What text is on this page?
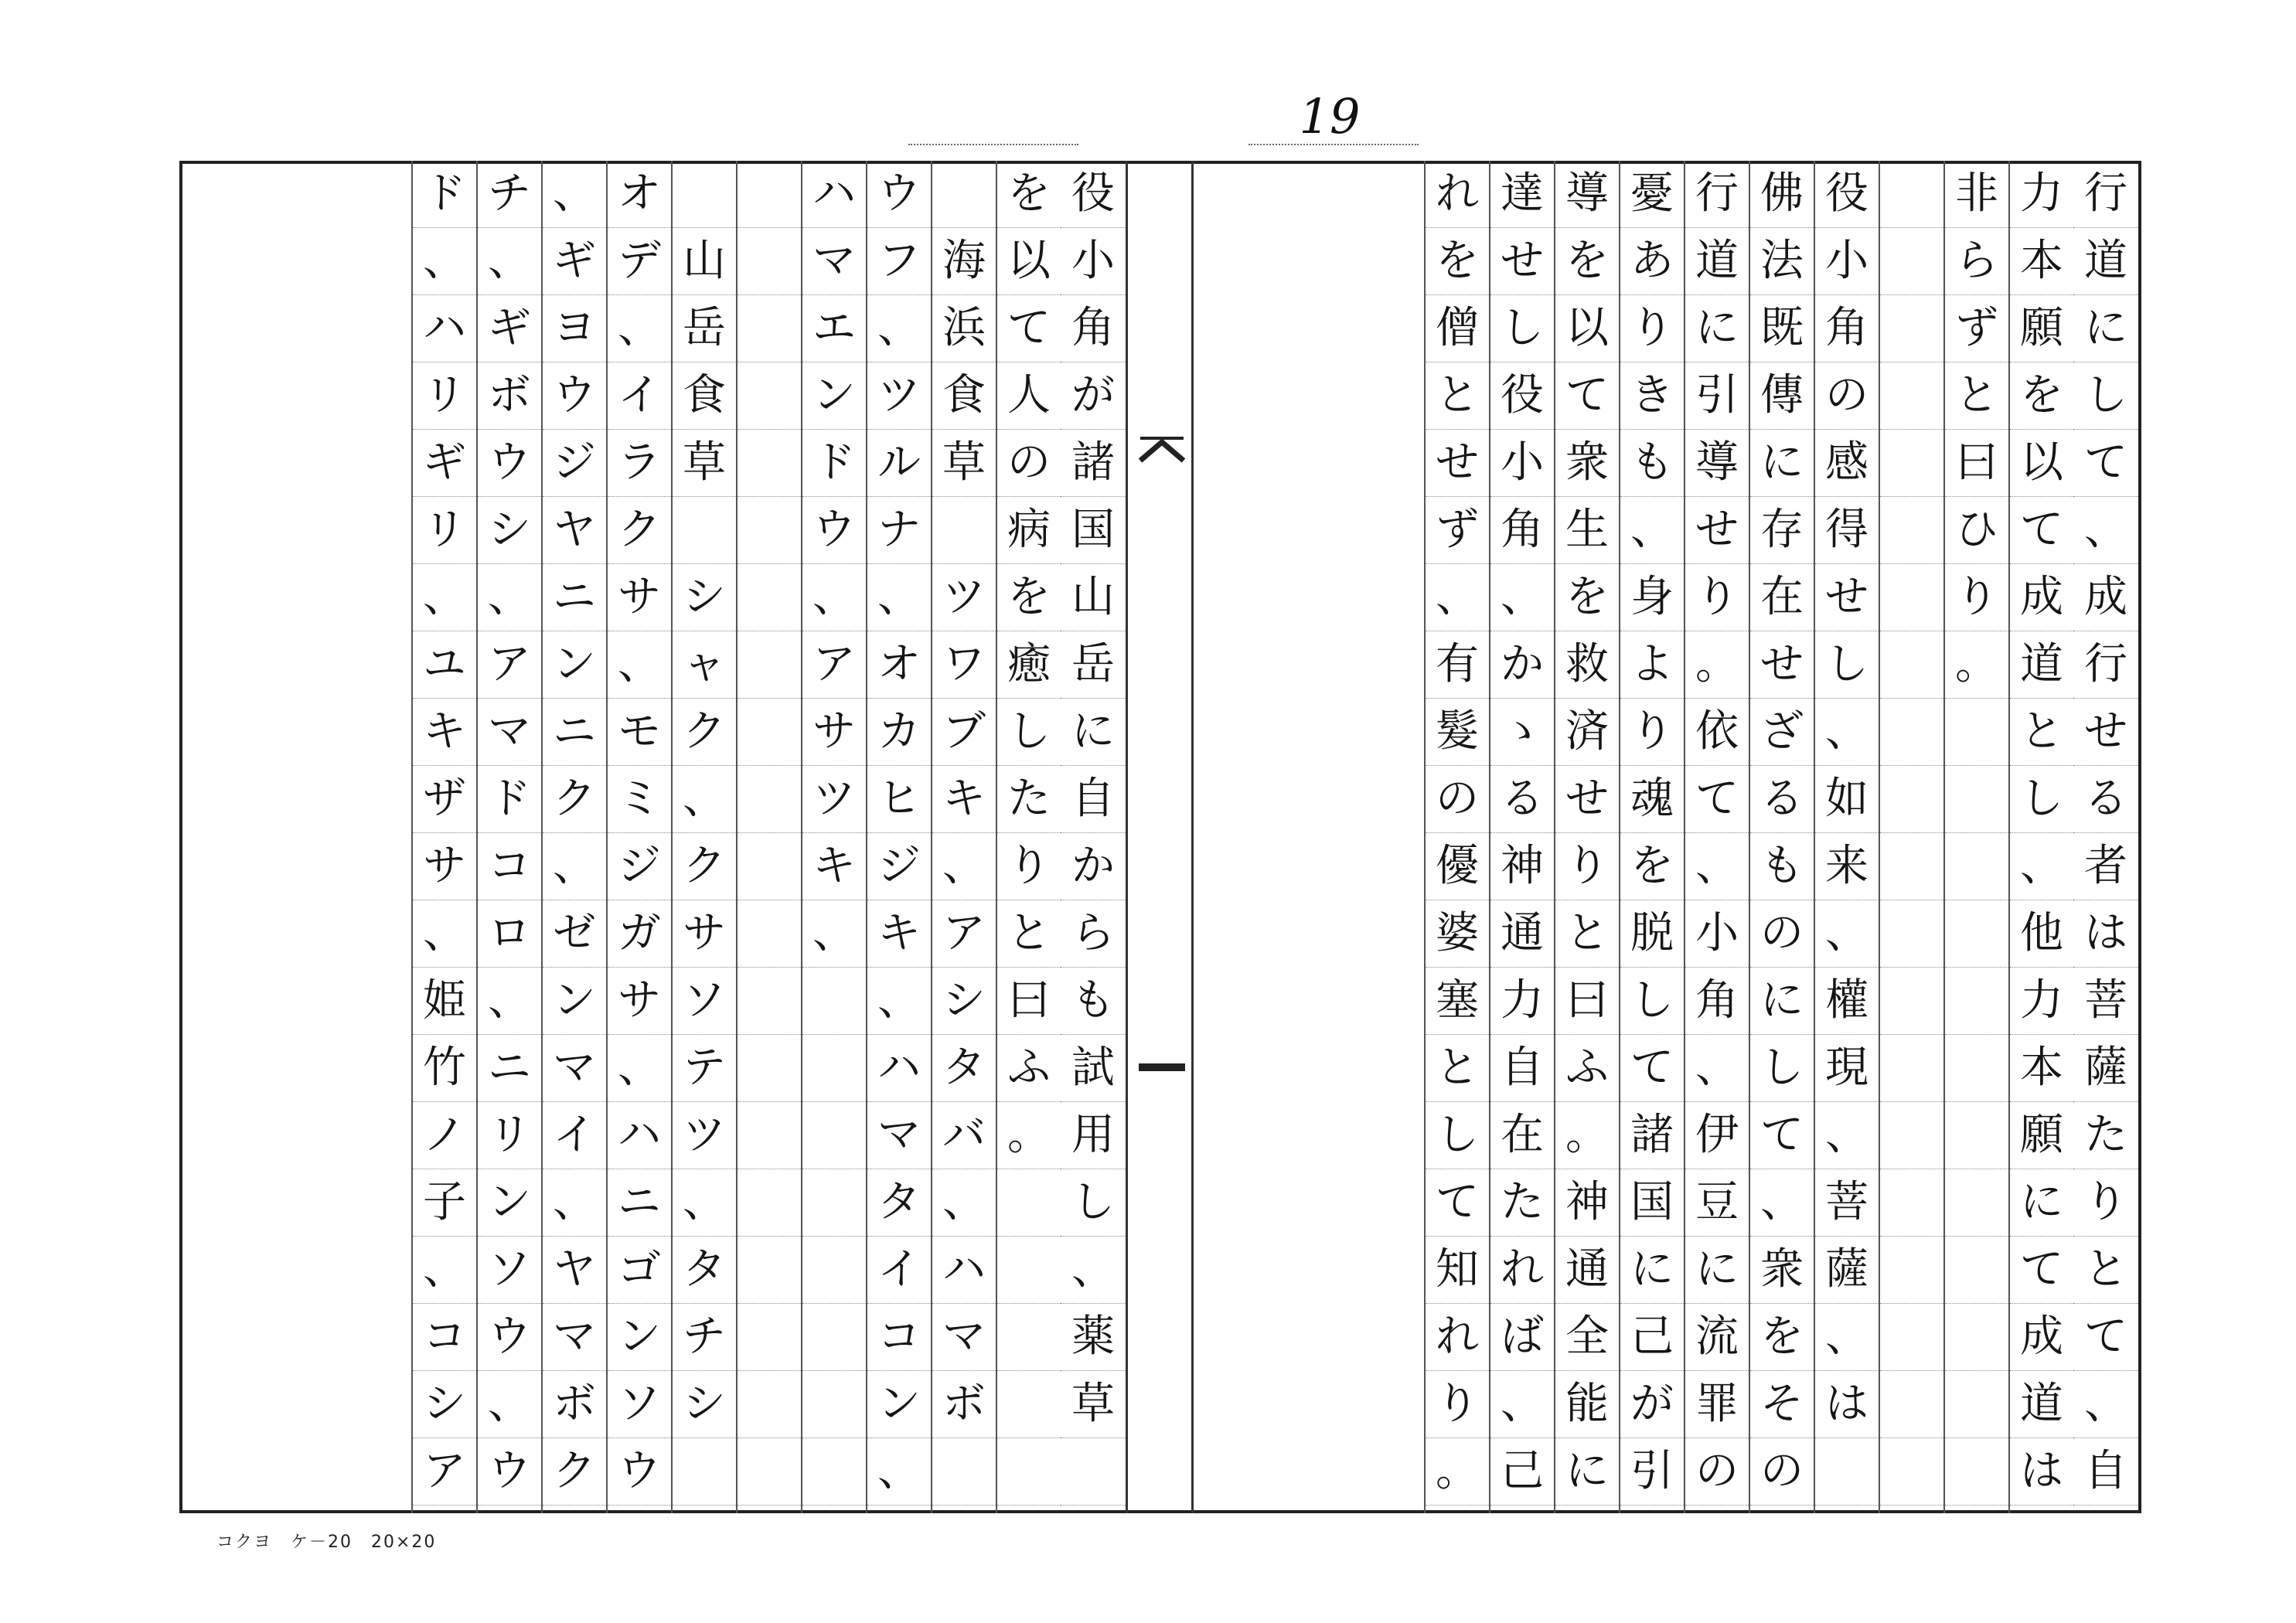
19
行
道
に
し
て
、
成
行
せ
る
者
は
菩
薩
た
り
と
て
、
自
力
本
願
を
以
て
成
道
と
し
、
他
力
本
願
に
て
成
道
は
非
ら
ず
と
曰
ひ
り
。
役
小
角
の
感
得
せ
し
、
如
来
、
權
現
、
菩
薩
、
は
佛
法
既
傳
に
存
在
せ
ざ
る
も
の
に
し
て
、
衆
を
そ
の
行
道
に
引
導
せ
り
。
依
て
、
小
角
、
伊
豆
に
流
罪
の
憂
あ
り
き
も
、
身
よ
り
魂
を
脱
し
て
諸
国
に
己
が
引
導
を
以
て
衆
生
を
救
済
せ
り
と
曰
ふ
。
神
通
全
能
に
達
せ
し
役
小
角
、
か
ゝ
る
神
通
力
自
在
た
れ
ば
、
己
れ
を
僧
と
せ
ず
、
有
髮
の
優
婆
塞
と
し
て
知
れ
り
。
役
小
角
が
諸
国
山
岳
に
自
か
ら
も
試
用
し
、
薬
草
を
以
て
人
の
病
を
癒
し
た
り
と
曰
ふ
。

海
浜
食
草

ツ
ワ
ブ
キ
、
ア
シ
タ
バ
、
ハ
マ
ボ
ウ
フ
、
ツ
ル
ナ
、
オ
カ
ヒ
ジ
キ
、
ハ
マ
タ
イ
コ
ン
、
ハ
マ
エ
ン
ド
ウ
、
ア
サ
ツ
キ
、

山
岳
食
草

シ
ャ
ク
、
ク
サ
ソ
テ
ツ
、
タ
チ
シ
オ
デ
、
イ
ラ
ク
サ
、
モ
ミ
ジ
ガ
サ
、
ハ
ニ
ゴ
ン
ソ
ウ
、
ギ
ヨ
ウ
ジ
ヤ
ニ
ン
ニ
ク
、
ゼ
ン
マ
イ
、
ヤ
マ
ボ
ク
チ
、
ギ
ボ
ウ
シ
、
ア
マ
ド
コ
ロ
、
ニ
リ
ン
ソ
ウ
、
ウ
ド
、
ハ
リ
ギ
リ
、
ユ
キ
ザ
サ
、
姫
竹
ノ
子
、
コ
シ
ア
コクヨ　ケ－20　20×20
